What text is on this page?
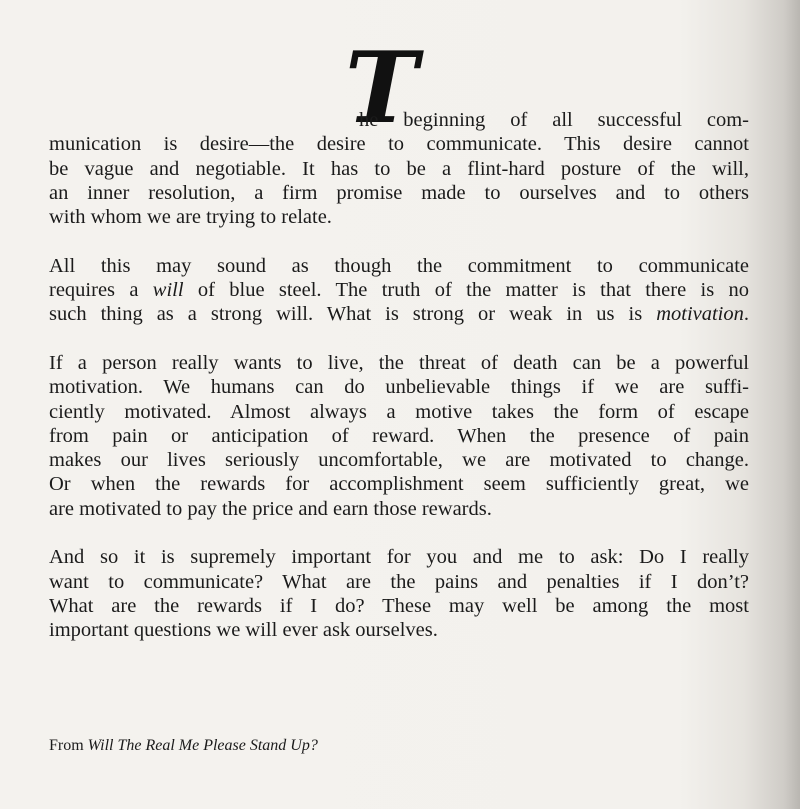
T

he beginning of all successful com-
munication is desire—the desire to communicate. This desire cannot
be vague and negotiable. It has to be a flint-hard posture of the will,
an inner resolution, a firm promise made to ourselves and to others
with whom we are trying to relate.

All this may sound as though the commitment to communicate
requires a will of blue steel. The truth of the matter is that there is no
such thing as a strong will. What is strong or weak in us is motivation.

If a person really wants to live, the threat of death can be a powerful
motivation. We humans can do unbelievable things if we are suffi-
ciently motivated. Almost always a motive takes the form of escape
from pain or anticipation of reward. When the presence of pain
makes our lives seriously uncomfortable, we are motivated to change.
Or when the rewards for accomplishment seem sufficiently great, we
are motivated to pay the price and earn those rewards.

And so it is supremely important for you and me to ask: Do I really
want to communicate? What are the pains and penalties if I don’t?
What are the rewards if I do? These may well be among the most
important questions we will ever ask ourselves.

From Will The Real Me Please Stand Up?
